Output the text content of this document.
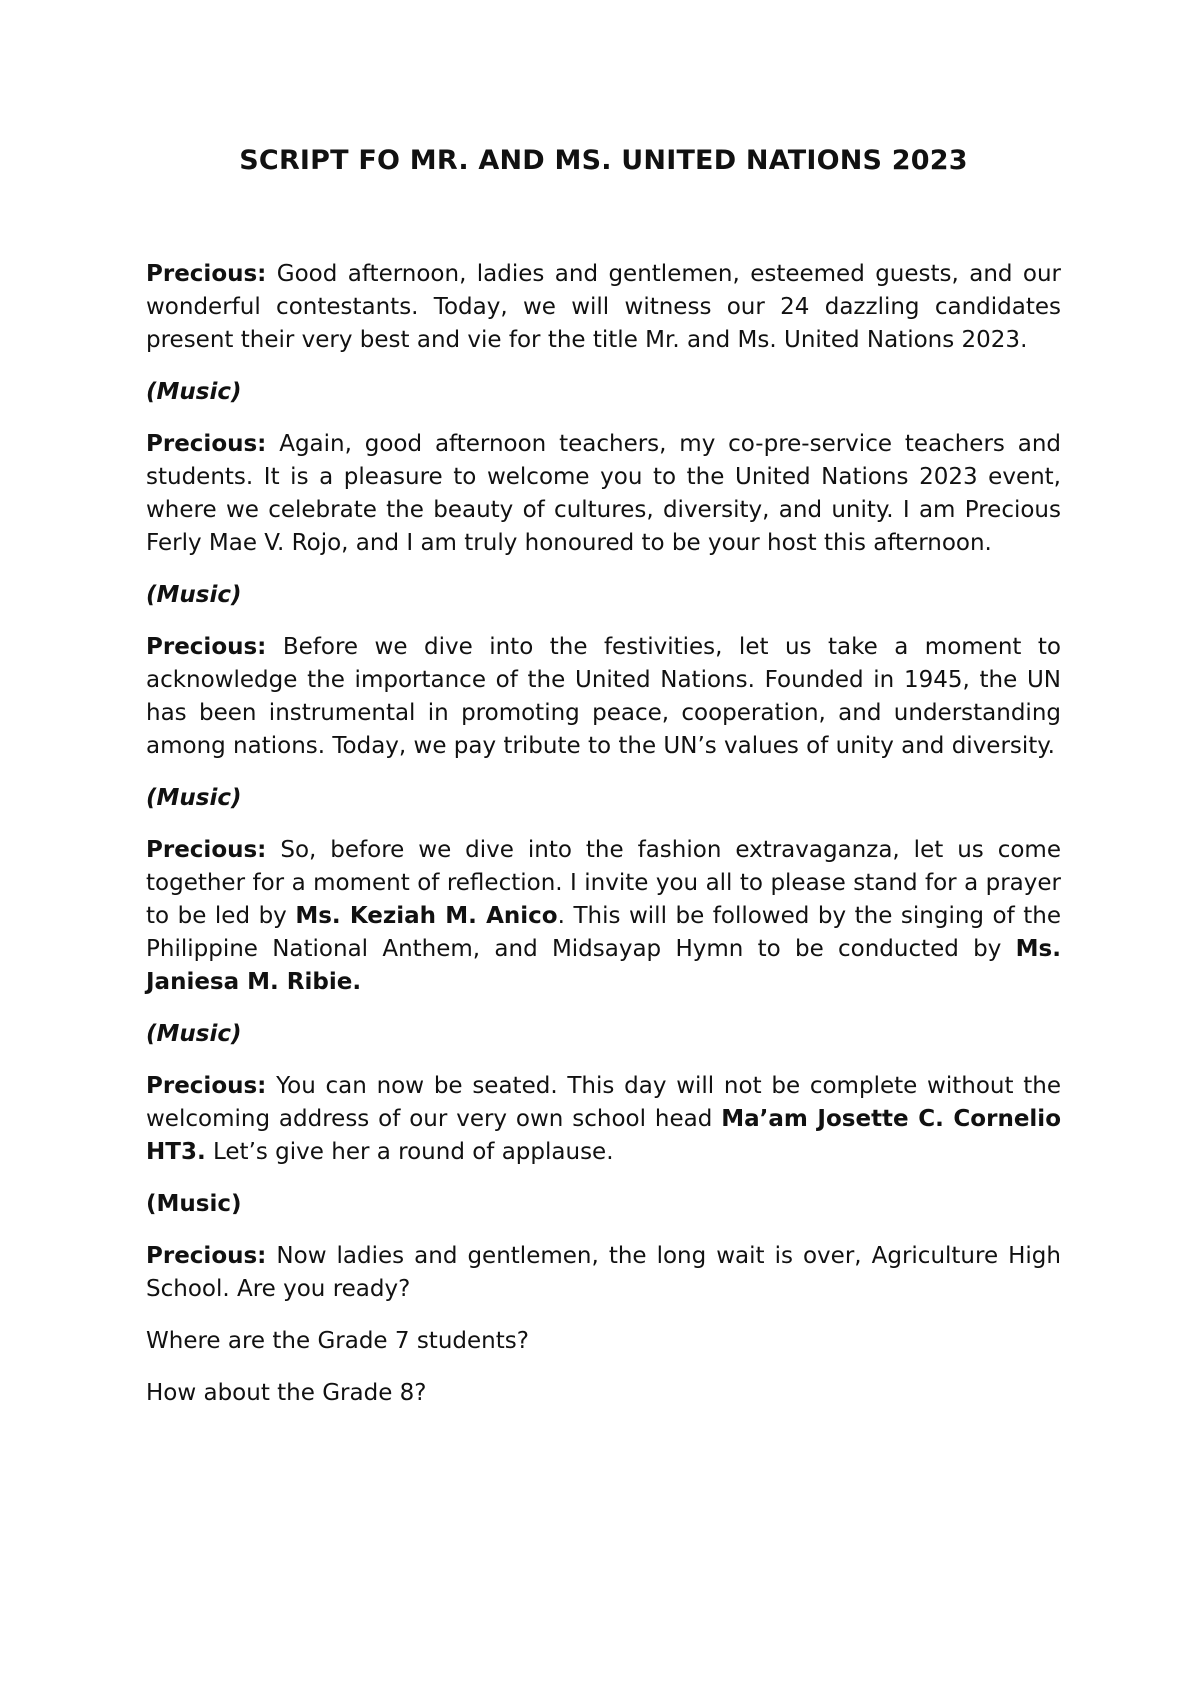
SCRIPT FO MR. AND MS. UNITED NATIONS 2023

Precious: Good afternoon, ladies and gentlemen, esteemed guests, and our wonderful contestants. Today, we will witness our 24 dazzling candidates present their very best and vie for the title Mr. and Ms. United Nations 2023.

(Music)

Precious: Again, good afternoon teachers, my co-pre-service teachers and students. It is a pleasure to welcome you to the United Nations 2023 event, where we celebrate the beauty of cultures, diversity, and unity. I am Precious Ferly Mae V. Rojo, and I am truly honoured to be your host this afternoon.

(Music)

Precious: Before we dive into the festivities, let us take a moment to acknowledge the importance of the United Nations. Founded in 1945, the UN has been instrumental in promoting peace, cooperation, and understanding among nations. Today, we pay tribute to the UN’s values of unity and diversity.

(Music)

Precious: So, before we dive into the fashion extravaganza, let us come together for a moment of reflection. I invite you all to please stand for a prayer to be led by Ms. Keziah M. Anico. This will be followed by the singing of the Philippine National Anthem, and Midsayap Hymn to be conducted by Ms. Janiesa M. Ribie.

(Music)

Precious: You can now be seated. This day will not be complete without the welcoming address of our very own school head Ma’am Josette C. Cornelio HT3. Let’s give her a round of applause.

(Music)

Precious: Now ladies and gentlemen, the long wait is over, Agriculture High School. Are you ready?

Where are the Grade 7 students?

How about the Grade 8?
